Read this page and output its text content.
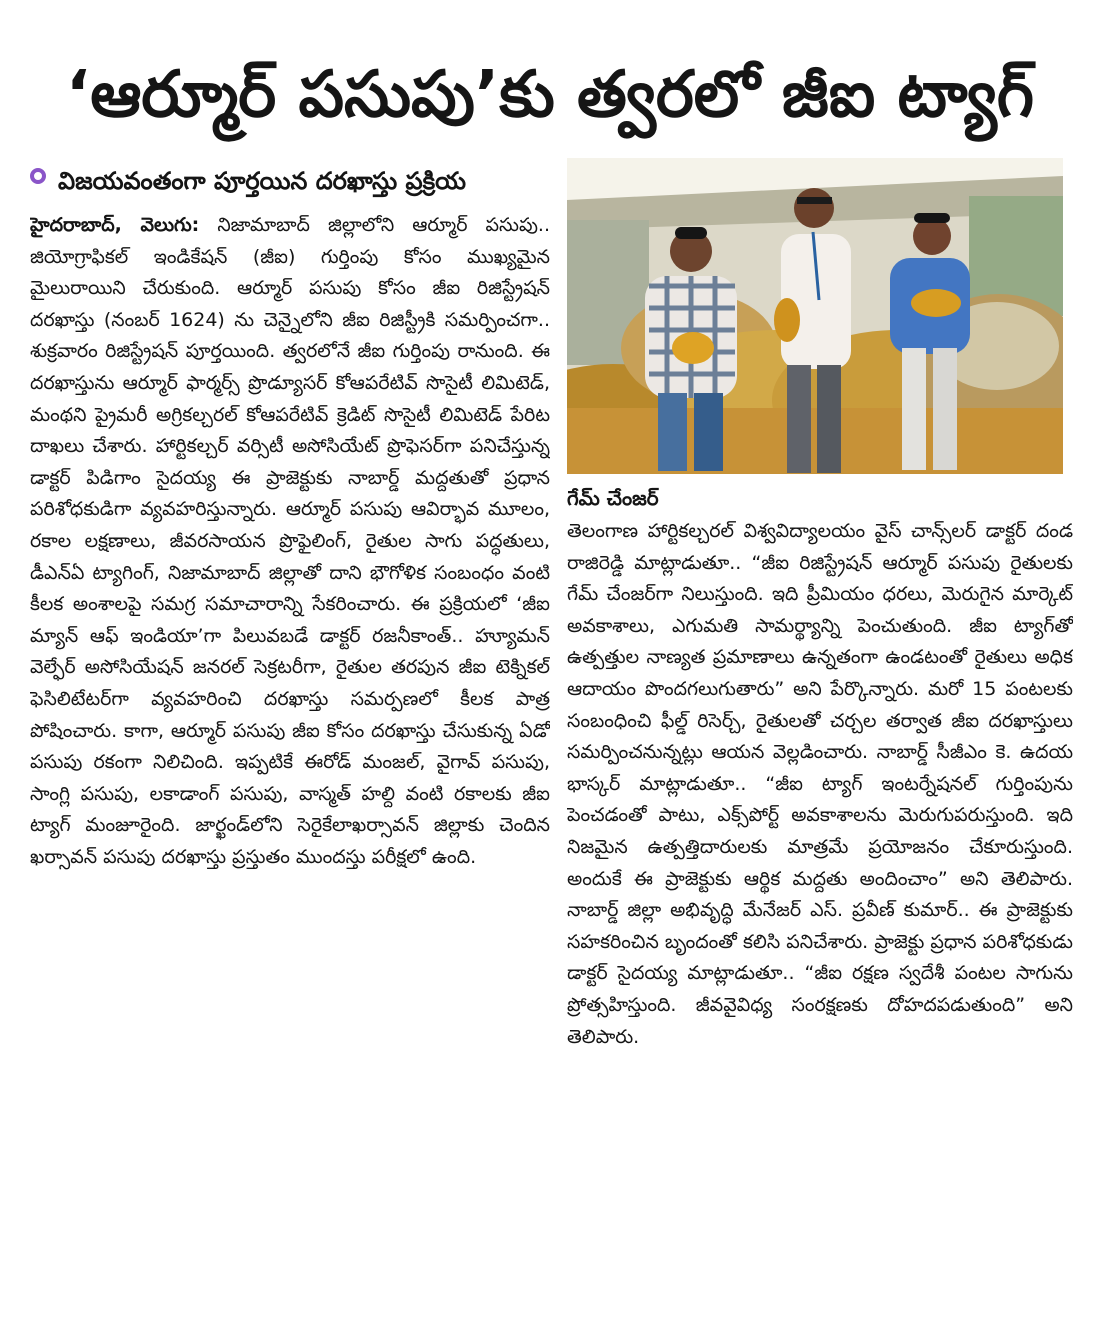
‘ఆర్మూర్ పసుపు’కు త్వరలో జీఐ ట్యాగ్
విజయవంతంగా పూర్తయిన దరఖాస్తు ప్రక్రియ

హైదరాబాద్, వెలుగు: నిజామాబాద్ జిల్లాలోని ఆర్మూర్ పసుపు.. జియోగ్రాఫికల్ ఇండికేషన్ (జీఐ) గుర్తింపు కోసం ముఖ్యమైన మైలురాయిని చేరుకుంది. ఆర్మూర్ పసుపు కోసం జీఐ రిజిస్ట్రేషన్ దరఖాస్తు (నంబర్ 1624) ను చెన్నైలోని జీఐ రిజిస్ట్రీకి సమర్పించగా.. శుక్రవారం రిజిస్ట్రేషన్ పూర్తయింది. త్వరలోనే జీఐ గుర్తింపు రానుంది. ఈ దరఖాస్తును ఆర్మూర్ ఫార్మర్స్ ప్రొడ్యూసర్ కోఆపరేటివ్ సొసైటీ లిమిటెడ్, మంథని ప్రైమరీ అగ్రికల్చరల్ కోఆపరేటివ్ క్రెడిట్ సొసైటీ లిమిటెడ్ పేరిట దాఖలు చేశారు. హార్టికల్చర్ వర్సిటీ అసోసియేట్ ప్రొఫెసర్‌గా పనిచేస్తున్న డాక్టర్ పిడిగాం సైదయ్య ఈ ప్రాజెక్టుకు నాబార్డ్ మద్దతుతో ప్రధాన పరిశోధకుడిగా వ్యవహరిస్తున్నారు. ఆర్మూర్ పసుపు ఆవిర్భావ మూలం, రకాల లక్షణాలు, జీవరసాయన ప్రొఫైలింగ్, రైతుల సాగు పద్ధతులు, డీఎన్ఏ ట్యాగింగ్, నిజామాబాద్ జిల్లాతో దాని భౌగోళిక సంబంధం వంటి కీలక అంశాలపై సమగ్ర సమాచారాన్ని సేకరించారు. ఈ ప్రక్రియలో ‘జీఐ మ్యాన్ ఆఫ్ ఇండియా’గా పిలువబడే డాక్టర్ రజనీకాంత్.. హ్యూమన్ వెల్ఫేర్ అసోసియేషన్ జనరల్ సెక్రటరీగా, రైతుల తరపున జీఐ టెక్నికల్ ఫెసిలిటేటర్‌గా వ్యవహరించి దరఖాస్తు సమర్పణలో కీలక పాత్ర పోషించారు. కాగా, ఆర్మూర్ పసుపు జీఐ కోసం దరఖాస్తు చేసుకున్న ఏడో పసుపు రకంగా నిలిచింది. ఇప్పటికే ఈరోడ్ మంజల్, వైగావ్ పసుపు, సాంగ్లి పసుపు, లకాడాంగ్ పసుపు, వాస్మత్ హల్ది వంటి రకాలకు జీఐ ట్యాగ్ మంజూరైంది. జార్ఖండ్‌లోని సెరైకేలాఖర్సావన్ జిల్లాకు చెందిన ఖర్సావన్ పసుపు దరఖాస్తు ప్రస్తుతం ముందస్తు పరీక్షలో ఉంది.

గేమ్ చేంజర్

తెలంగాణ హార్టికల్చరల్ విశ్వవిద్యాలయం వైస్ చాన్స్‌లర్ డాక్టర్ దండ రాజిరెడ్డి మాట్లాడుతూ.. “జీఐ రిజిస్ట్రేషన్ ఆర్మూర్ పసుపు రైతులకు గేమ్ చేంజర్‌గా నిలుస్తుంది. ఇది ప్రీమియం ధరలు, మెరుగైన మార్కెట్ అవకాశాలు, ఎగుమతి సామర్థ్యాన్ని పెంచుతుంది. జీఐ ట్యాగ్‌తో ఉత్పత్తుల నాణ్యత ప్రమాణాలు ఉన్నతంగా ఉండటంతో రైతులు అధిక ఆదాయం పొందగలుగుతారు” అని పేర్కొన్నారు. మరో 15 పంటలకు సంబంధించి ఫీల్డ్ రిసెర్చ్, రైతులతో చర్చల తర్వాత జీఐ దరఖాస్తులు సమర్పించనున్నట్లు ఆయన వెల్లడించారు. నాబార్డ్ సీజీఎం కె. ఉదయ భాస్కర్ మాట్లాడుతూ.. “జీఐ ట్యాగ్ ఇంటర్నేషనల్ గుర్తింపును పెంచడంతో పాటు, ఎక్స్‌పోర్ట్ అవకాశాలను మెరుగుపరుస్తుంది. ఇది నిజమైన ఉత్పత్తిదారులకు మాత్రమే ప్రయోజనం చేకూరుస్తుంది. అందుకే ఈ ప్రాజెక్టుకు ఆర్థిక మద్దతు అందించాం” అని తెలిపారు. నాబార్డ్ జిల్లా అభివృద్ధి మేనేజర్ ఎస్. ప్రవీణ్ కుమార్.. ఈ ప్రాజెక్టుకు సహకరించిన బృందంతో కలిసి పనిచేశారు. ప్రాజెక్టు ప్రధాన పరిశోధకుడు డాక్టర్ సైదయ్య మాట్లాడుతూ.. “జీఐ రక్షణ స్వదేశీ పంటల సాగును ప్రోత్సహిస్తుంది. జీవవైవిధ్య సంరక్షణకు దోహదపడుతుంది” అని తెలిపారు.
